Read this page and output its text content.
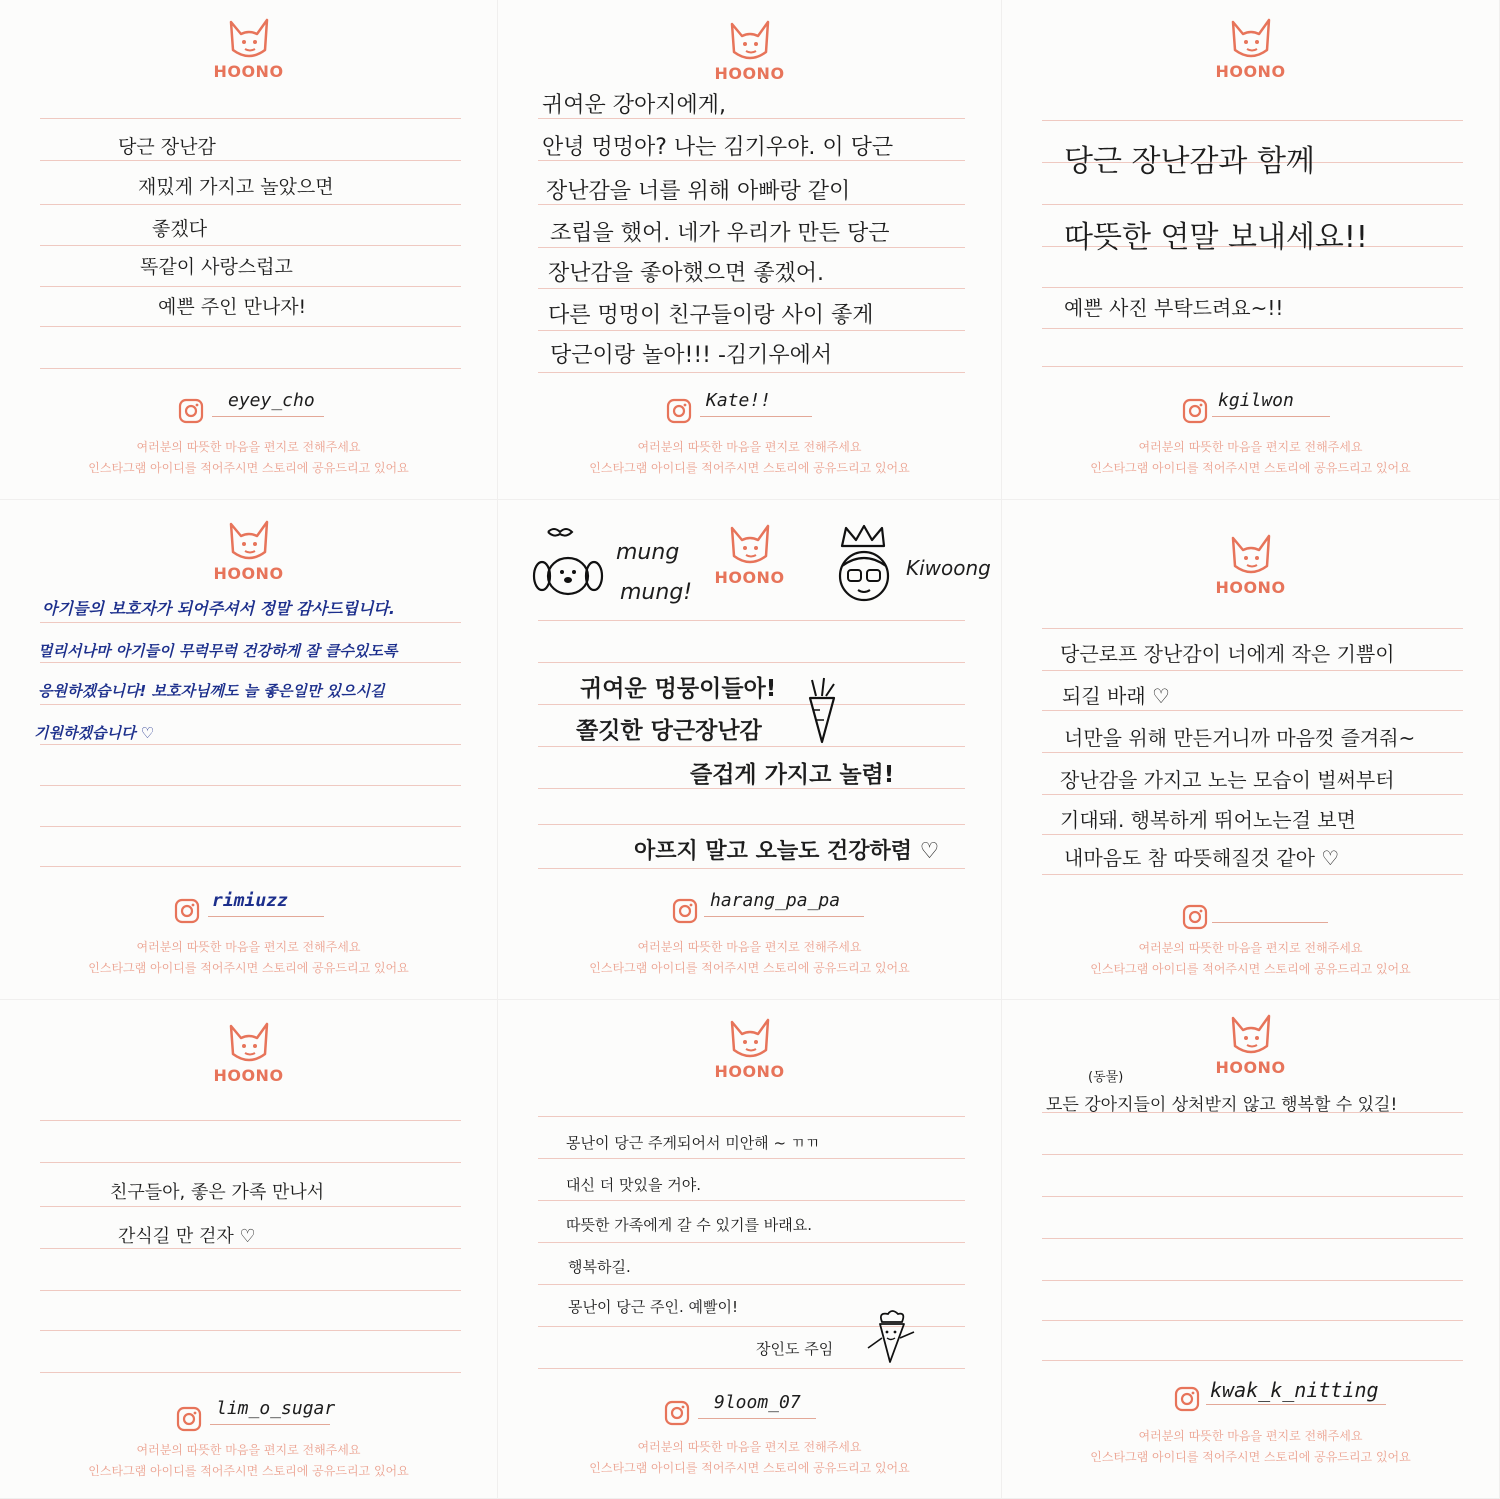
HOONO
당근 장난감
재밌게 가지고 놀았으면
좋겠다
똑같이 사랑스럽고
예쁜 주인 만나자!
eyey_cho
여러분의 따뜻한 마음을 편지로 전해주세요
인스타그램 아이디를 적어주시면 스토리에 공유드리고 있어요
HOONO
귀여운 강아지에게,
안녕 멍멍아? 나는 김기우야. 이 당근
장난감을 너를 위해 아빠랑 같이
조립을 했어. 네가 우리가 만든 당근
장난감을 좋아했으면 좋겠어.
다른 멍멍이 친구들이랑 사이 좋게
당근이랑 놀아!!! -김기우에서
Kate!!
여러분의 따뜻한 마음을 편지로 전해주세요
인스타그램 아이디를 적어주시면 스토리에 공유드리고 있어요
HOONO
당근 장난감과 함께
따뜻한 연말 보내세요!!
예쁜 사진 부탁드려요~!!
kgilwon
여러분의 따뜻한 마음을 편지로 전해주세요
인스타그램 아이디를 적어주시면 스토리에 공유드리고 있어요
HOONO
아기들의 보호자가 되어주셔서 정말 감사드립니다.
멀리서나마 아기들이 무럭무럭 건강하게 잘 클수있도록
응원하겠습니다! 보호자님께도 늘 좋은일만 있으시길
기원하겠습니다 ♡
rimiuzz
여러분의 따뜻한 마음을 편지로 전해주세요
인스타그램 아이디를 적어주시면 스토리에 공유드리고 있어요
HOONO
mung
mung!
Kiwoong
귀여운 멍뭉이들아!
쫄깃한 당근장난감
즐겁게 가지고 놀렴!
아프지 말고 오늘도 건강하렴 ♡
harang_pa_pa
여러분의 따뜻한 마음을 편지로 전해주세요
인스타그램 아이디를 적어주시면 스토리에 공유드리고 있어요
HOONO
당근로프 장난감이 너에게 작은 기쁨이
되길 바래 ♡
너만을 위해 만든거니까 마음껏 즐겨줘~
장난감을 가지고 노는 모습이 벌써부터
기대돼. 행복하게 뛰어노는걸 보면
내마음도 참 따뜻해질것 같아 ♡
여러분의 따뜻한 마음을 편지로 전해주세요
인스타그램 아이디를 적어주시면 스토리에 공유드리고 있어요
HOONO
친구들아, 좋은 가족 만나서
간식길 만 걷자 ♡
lim_o_sugar
여러분의 따뜻한 마음을 편지로 전해주세요
인스타그램 아이디를 적어주시면 스토리에 공유드리고 있어요
HOONO
몽난이 당근 주게되어서 미안해 ~ ㄲㄲ
대신 더 맛있을 거야.
따뜻한 가족에게 갈 수 있기를 바래요.
행복하길.
몽난이 당근 주인. 예빨이!
장인도 주임
9loom_07
여러분의 따뜻한 마음을 편지로 전해주세요
인스타그램 아이디를 적어주시면 스토리에 공유드리고 있어요
HOONO
(동물)
모든 강아지들이 상처받지 않고 행복할 수 있길!
kwak_k_nitting
여러분의 따뜻한 마음을 편지로 전해주세요
인스타그램 아이디를 적어주시면 스토리에 공유드리고 있어요
